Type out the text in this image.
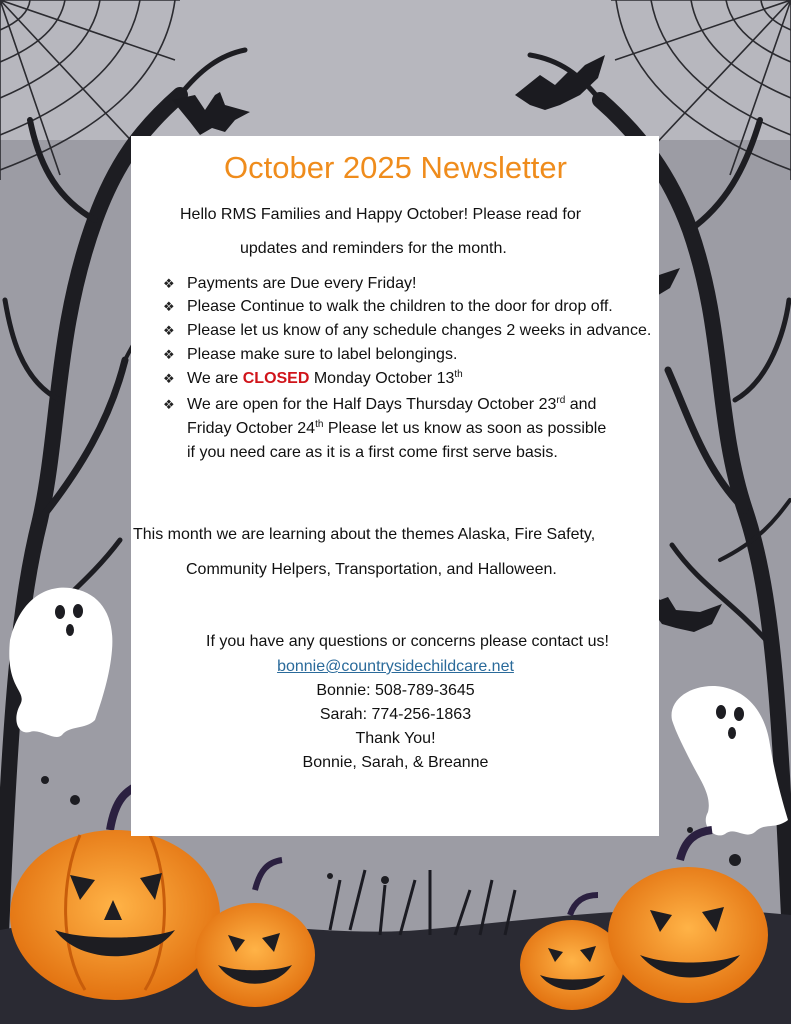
October 2025 Newsletter
Hello RMS Families and Happy October! Please read for
updates and reminders for the month.
❖ Payments are Due every Friday!
❖ Please Continue to walk the children to the door for drop off.
❖ Please let us know of any schedule changes 2 weeks in advance.
❖ Please make sure to label belongings.
❖ We are CLOSED Monday October 13th
❖ We are open for the Half Days Thursday October 23rd and
Friday October 24th Please let us know as soon as possible
if you need care as it is a first come first serve basis.
This month we are learning about the themes Alaska, Fire Safety,
Community Helpers, Transportation, and Halloween.
If you have any questions or concerns please contact us!
bonnie@countrysidechildcare.net
Bonnie: 508-789-3645
Sarah: 774-256-1863
Thank You!
Bonnie, Sarah, & Breanne
